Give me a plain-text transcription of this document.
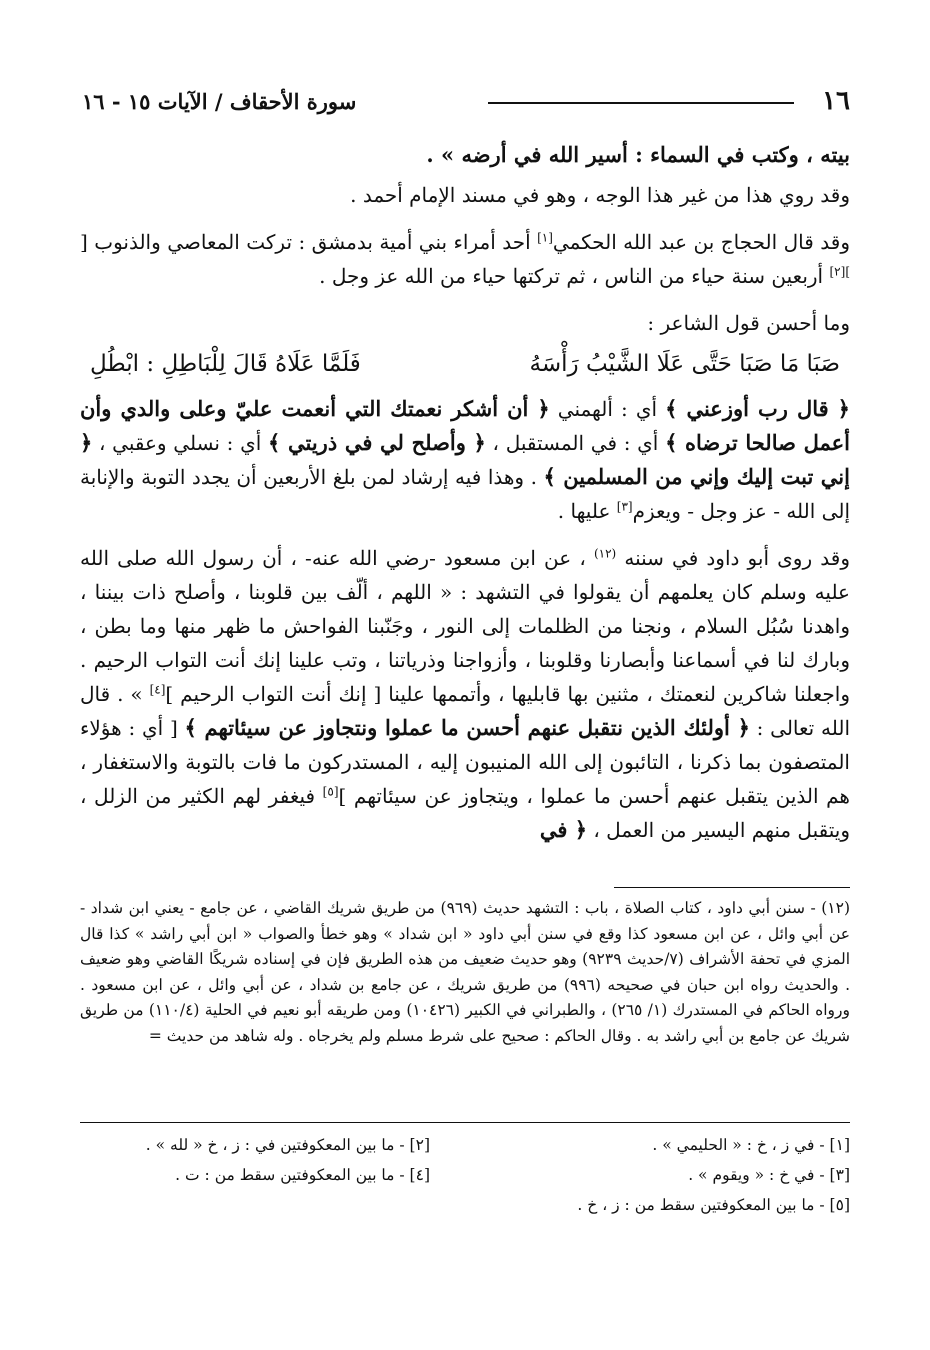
١٦
سورة الأحقاف / الآيات ١٥ - ١٦

بيته ، وكتب في السماء : أسير الله في أرضه » .

وقد روي هذا من غير هذا الوجه ، وهو في مسند الإمام أحمد .

وقد قال الحجاج بن عبد الله الحكمي[١] أحد أمراء بني أمية بدمشق : تركت المعاصي والذنوب [ $^{][٢]}$ أربعين سنة حياء من الناس ، ثم تركتها حياء من الله عز وجل .

وما أحسن قول الشاعر :

صَبَا مَا صَبَا حَتَّى عَلَا الشَّيْبُ رَأْسَهُ
فَلَمَّا عَلَاهُ قَالَ لِلْبَاطِلِ : ابْطُلِ

﴿ قال رب أوزعني ﴾ أي : ألهمني ﴿ أن أشكر نعمتك التي أنعمت عليّ وعلى والدي وأن أعمل صالحا ترضاه ﴾ أي : في المستقبل ، ﴿ وأصلح لي في ذريتي ﴾ أي : نسلي وعقبي ، ﴿ إني تبت إليك وإني من المسلمين ﴾ . وهذا فيه إرشاد لمن بلغ الأربعين أن يجدد التوبة والإنابة إلى الله - عز وجل - ويعزم[٣] عليها .

وقد روى أبو داود في سننه $^{(١٢)}$ ، عن ابن مسعود -رضي الله عنه- ، أن رسول الله صلى الله عليه وسلم كان يعلمهم أن يقولوا في التشهد : « اللهم ، ألّف بين قلوبنا ، وأصلح ذات بيننا ، واهدنا سُبُل السلام ، ونجنا من الظلمات إلى النور ، وجَنّبنا الفواحش ما ظهر منها وما بطن ، وبارك لنا في أسماعنا وأبصارنا وقلوبنا ، وأزواجنا وذرياتنا ، وتب علينا إنك أنت التواب الرحيم . واجعلنا شاكرين لنعمتك ، مثنين بها قابليها ، وأتممها علينا [ إنك أنت التواب الرحيم ][٤] » . قال الله تعالى : ﴿ أولئك الذين نتقبل عنهم أحسن ما عملوا ونتجاوز عن سيئاتهم ﴾ [ أي : هؤلاء المتصفون بما ذكرنا ، التائبون إلى الله المنيبون إليه ، المستدركون ما فات بالتوبة والاستغفار ، هم الذين يتقبل عنهم أحسن ما عملوا ، ويتجاوز عن سيئاتهم ][٥] فيغفر لهم الكثير من الزلل ، ويتقبل منهم اليسير من العمل ، ﴿ في

(١٢) - سنن أبي داود ، كتاب الصلاة ، باب : التشهد حديث (٩٦٩) من طريق شريك القاضي ، عن جامع - يعني ابن شداد - عن أبي وائل ، عن ابن مسعود كذا وقع في سنن أبي داود « ابن شداد » وهو خطأ والصواب « ابن أبي راشد » كذا قال المزي في تحفة الأشراف (٧/حديث ٩٢٣٩) وهو حديث ضعيف من هذه الطريق فإن في إسناده شريكًا القاضي وهو ضعيف . والحديث رواه ابن حبان في صحيحه (٩٩٦) من طريق شريك ، عن جامع بن شداد ، عن أبي وائل ، عن ابن مسعود . ورواه الحاكم في المستدرك (١/ ٢٦٥) ، والطبراني في الكبير (١٠٤٢٦) ومن طريقه أبو نعيم في الحلية (١١٠/٤) من طريق شريك عن جامع بن أبي راشد به . وقال الحاكم : صحيح على شرط مسلم ولم يخرجاه . وله شاهد من حديث =
[١] - في ز ، خ : « الحليمي » .
[٢] - ما بين المعكوفتين في : ز ، خ « لله » .
[٣] - في خ : « ويقوم » .
[٤] - ما بين المعكوفتين سقط من : ت .
[٥] - ما بين المعكوفتين سقط من : ز ، خ .
